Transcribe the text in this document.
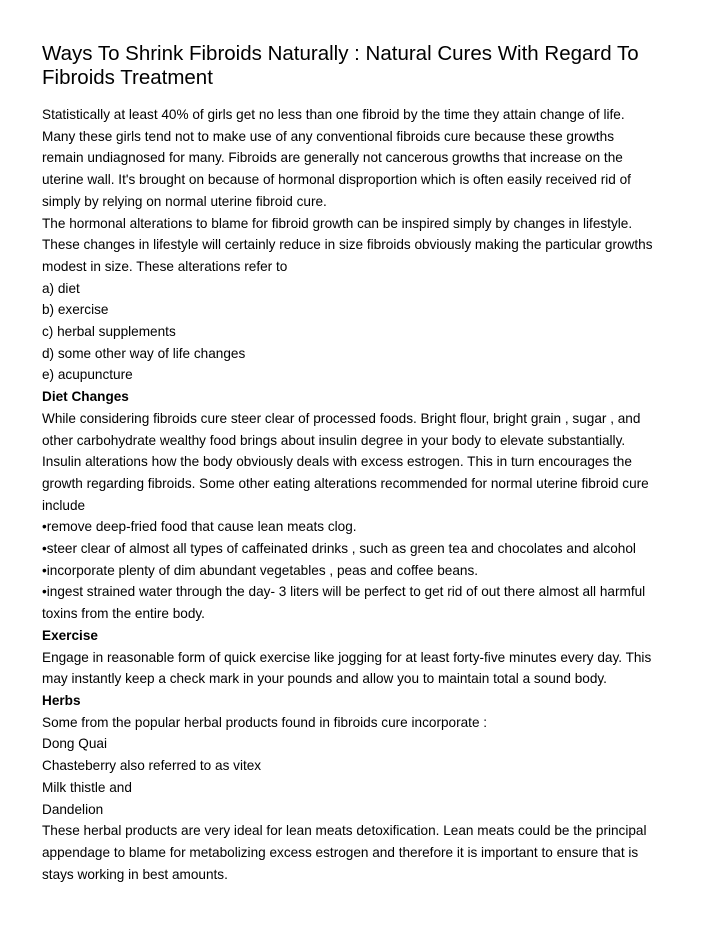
Ways To Shrink Fibroids Naturally : Natural Cures With Regard To Fibroids Treatment
Statistically at least 40% of girls get no less than one fibroid by the time they attain change of life.
Many these girls tend not to make use of any conventional fibroids cure because these growths
remain undiagnosed for many. Fibroids are generally not cancerous growths that increase on the
uterine wall. It's brought on because of hormonal disproportion which is often easily received rid of
simply by relying on normal uterine fibroid cure.
The hormonal alterations to blame for fibroid growth can be inspired simply by changes in lifestyle.
These changes in lifestyle will certainly reduce in size fibroids obviously making the particular growths
modest in size. These alterations refer to
a) diet
b) exercise
c) herbal supplements
d) some other way of life changes
e) acupuncture
Diet Changes
While considering fibroids cure steer clear of processed foods. Bright flour, bright grain , sugar , and
other carbohydrate wealthy food brings about insulin degree in your body to elevate substantially.
Insulin alterations how the body obviously deals with excess estrogen. This in turn encourages the
growth regarding fibroids. Some other eating alterations recommended for normal uterine fibroid cure
include
•remove deep-fried food that cause lean meats clog.
•steer clear of almost all types of caffeinated drinks , such as green tea and chocolates and alcohol
•incorporate plenty of dim abundant vegetables , peas and coffee beans.
•ingest strained water through the day- 3 liters will be perfect to get rid of out there almost all harmful
toxins from the entire body.
Exercise
Engage in reasonable form of quick exercise like jogging for at least forty-five minutes every day. This
may instantly keep a check mark in your pounds and allow you to maintain total a sound body.
Herbs
Some from the popular herbal products found in fibroids cure incorporate :
Dong Quai
Chasteberry also referred to as vitex
Milk thistle and
Dandelion
These herbal products are very ideal for lean meats detoxification. Lean meats could be the principal
appendage to blame for metabolizing excess estrogen and therefore it is important to ensure that is
stays working in best amounts.
